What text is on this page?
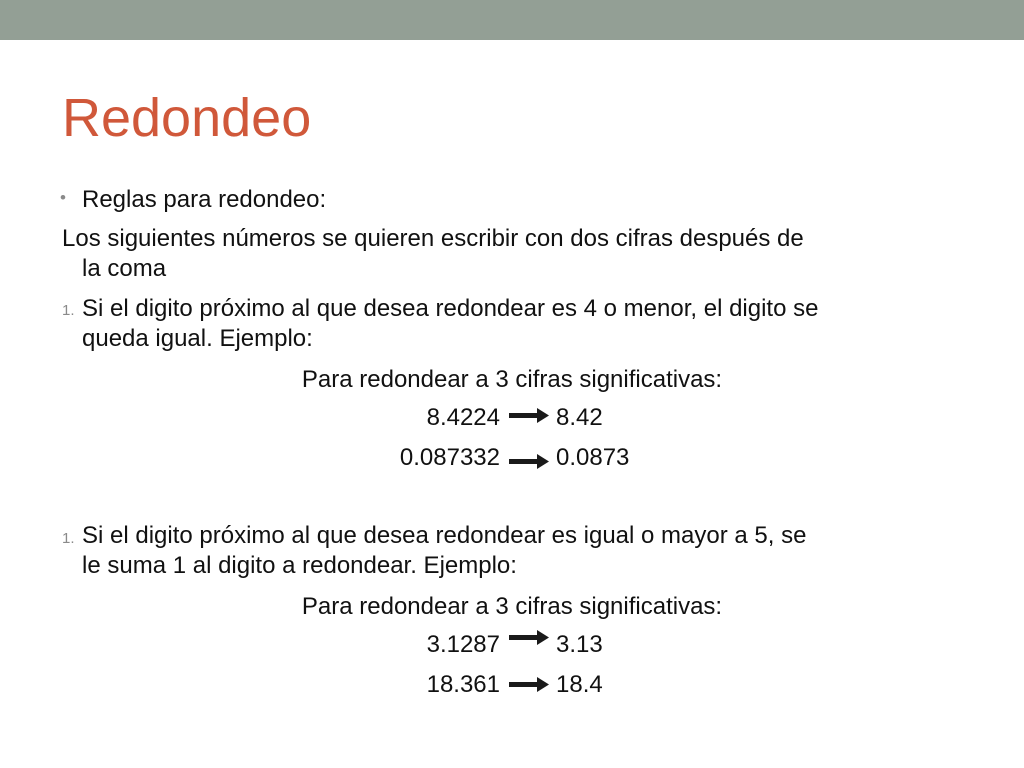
Redondeo
• Reglas para redondeo:
Los siguientes números se quieren escribir con dos cifras después de
la coma
1. Si el digito próximo al que desea redondear es 4 o menor, el digito se
queda igual. Ejemplo:
Para redondear a 3 cifras significativas:
8.4224 8.42
0.087332 0.0873
1. Si el digito próximo al que desea redondear es igual o mayor a 5, se
le suma 1 al digito a redondear. Ejemplo:
Para redondear a 3 cifras significativas:
3.1287 3.13
18.361 18.4
